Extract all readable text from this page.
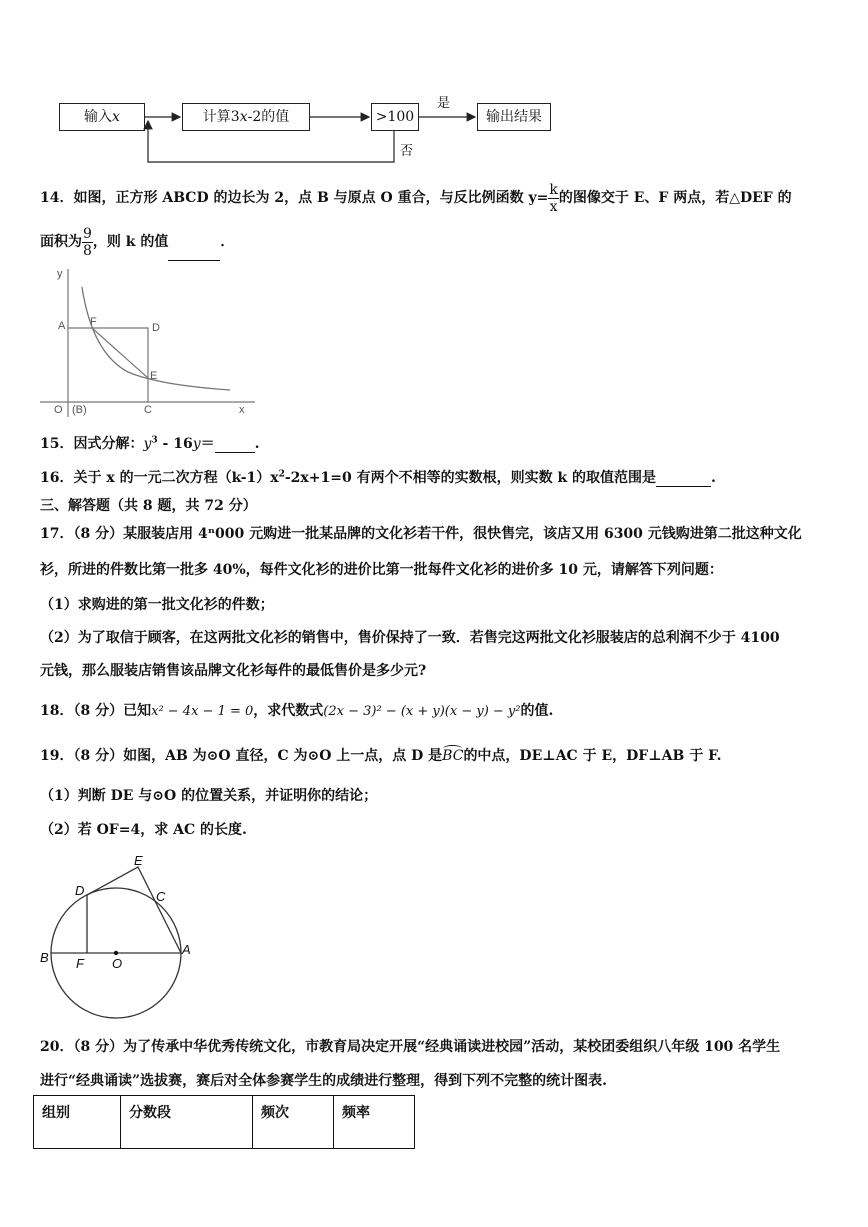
输入x	计算3x-2的值	>100	输出结果
是
否
14．如图，正方形 ABCD 的边长为 2，点 B 与原点 O 重合，与反比例函数 $y= \frac{k}{x}$ 的图像交于 E、F 两点，若△DEF 的
面积为 $\frac{9}{8}$ ，则 k 的值	．
y
A F	D
E
C
O (B)	x
15．因式分解：$y^3 - 16y=$	.
16．关于 x 的一元二次方程$(k-1)x^2-2x+1=0$ 有两个不相等的实数根，则实数 k 的取值范围是	.
三、解答题（共 8 题，共 72 分）
17．（8 分）某服装店用 4ⁿ000 元购进一批某品牌的文化衫若干件，很快售完，该店又用 6300 元钱购进第二批这种文化
衫，所进的件数比第一批多 40%，每件文化衫的进价比第一批每件文化衫的进价多 10 元，请解答下列问题：
（1）求购进的第一批文化衫的件数；
（2）为了取信于顾客，在这两批文化衫的销售中，售价保持了一致．若售完这两批文化衫服装店的总利润不少于 4100
元钱，那么服装店销售该品牌文化衫每件的最低售价是多少元?
18．（8 分）已知x² − 4x − 1 = 0，求代数式(2x − 3)² − (x + y)(x − y) − y²的值.
19．（8 分）如图，AB 为⊙O 直径，C 为⊙O 上一点，点 D 是BC的中点，DE⊥AC 于 E，DF⊥AB 于 F.
（1）判断 DE 与⊙O 的位置关系，并证明你的结论；
（2）若 OF=4，求 AC 的长度.
E
D	C
B F O
A
20．（8 分）为了传承中华优秀传统文化，市教育局决定开展“经典诵读进校园”活动，某校团委组织八年级 100 名学生
进行“经典诵读”选拔赛，赛后对全体参赛学生的成绩进行整理，得到下列不完整的统计图表.
组别	分数段	频次	频率
